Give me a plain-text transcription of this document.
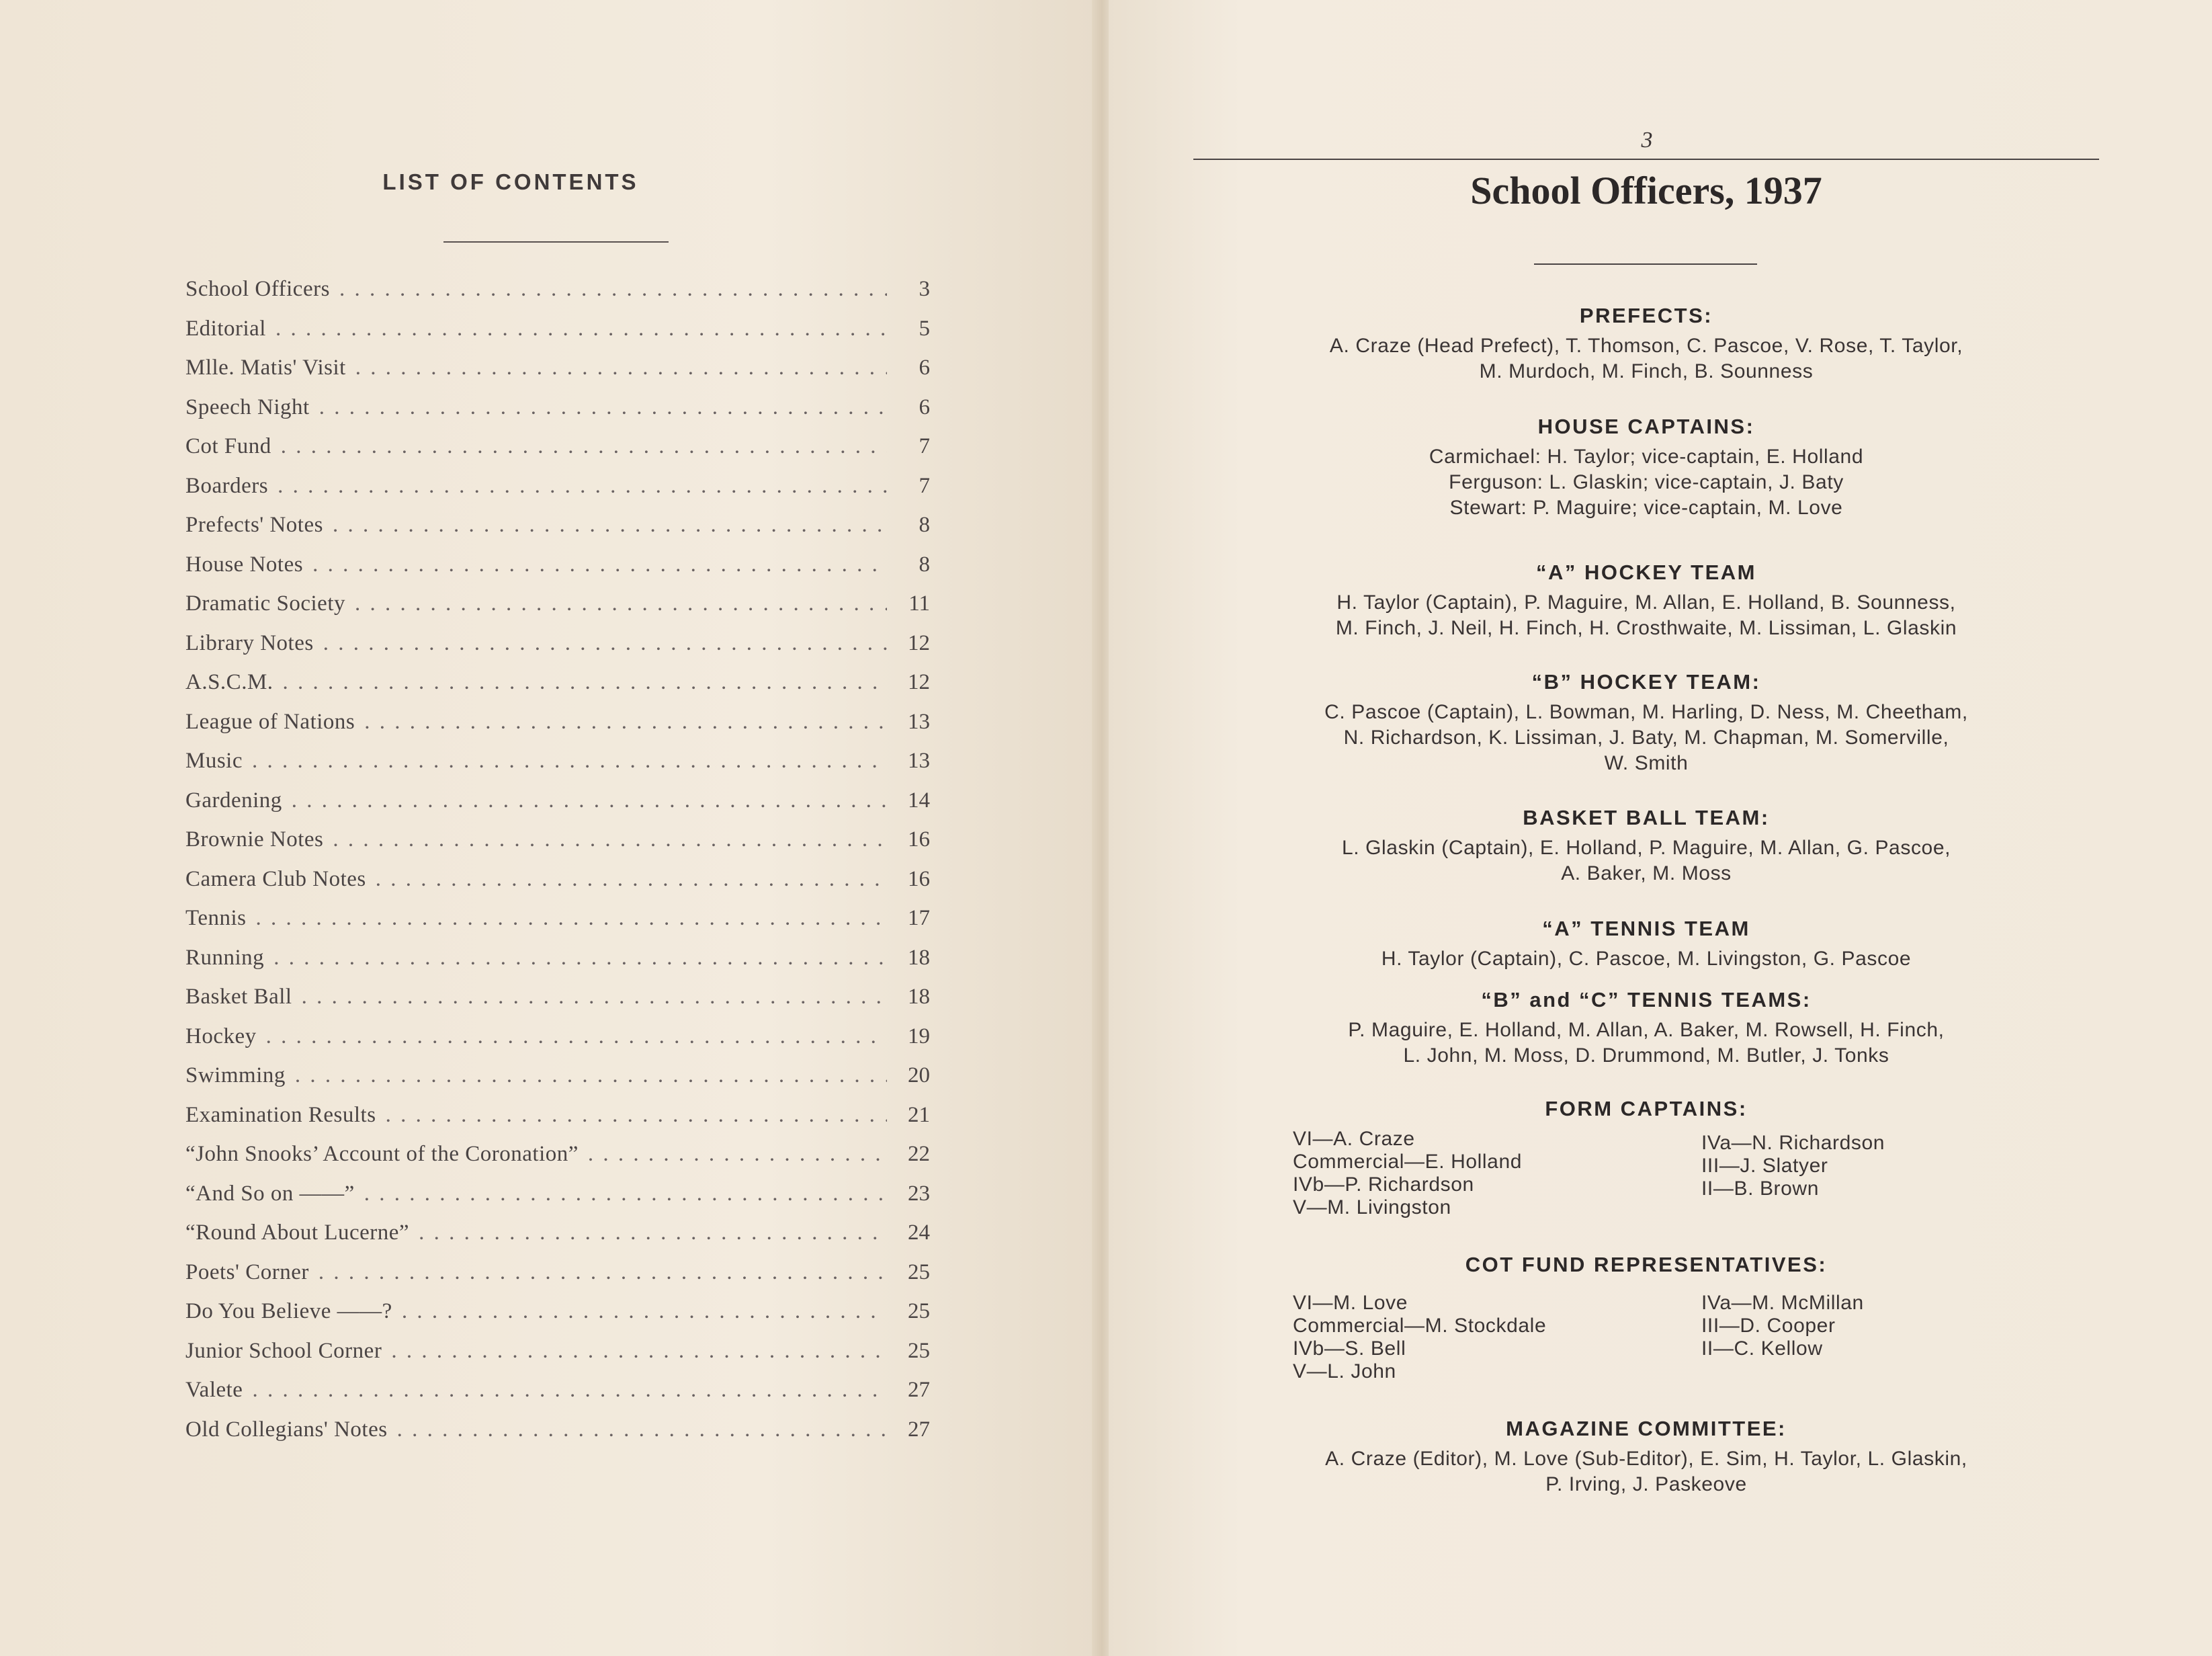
LIST OF CONTENTS
School Officers . . .	3
Editorial . . .	5
Mlle. Matis' Visit . . .	6
Speech Night . . .	6
Cot Fund . . .	7
Boarders . . .	7
Prefects' Notes . . .	8
House Notes . . .	8
Dramatic Society . . .	11
Library Notes . . .	12
A.S.C.M. . . .	12
League of Nations . . .	13
Music . . .	13
Gardening . . .	14
Brownie Notes . . .	16
Camera Club Notes . . .	16
Tennis . . .	17
Running . . .	18
Basket Ball . . .	18
Hockey . . .	19
Swimming . . .	20
Examination Results . . .	21
“John Snooks’ Account of the Coronation” . . .	22
“And So on ——” . . .	23
“Round About Lucerne” . . .	24
Poets' Corner . . .	25
Do You Believe ——? . . .	25
Junior School Corner . . .	25
Valete . . .	27
Old Collegians' Notes . . .	27
3
School Officers, 1937
PREFECTS:
A. Craze (Head Prefect), T. Thomson, C. Pascoe, V. Rose, T. Taylor,
M. Murdoch, M. Finch, B. Sounness
HOUSE CAPTAINS:
Carmichael: H. Taylor; vice-captain, E. Holland
Ferguson: L. Glaskin; vice-captain, J. Baty
Stewart: P. Maguire; vice-captain, M. Love
“A” HOCKEY TEAM
H. Taylor (Captain), P. Maguire, M. Allan, E. Holland, B. Sounness,
M. Finch, J. Neil, H. Finch, H. Crosthwaite, M. Lissiman, L. Glaskin
“B” HOCKEY TEAM:
C. Pascoe (Captain), L. Bowman, M. Harling, D. Ness, M. Cheetham,
N. Richardson, K. Lissiman, J. Baty, M. Chapman, M. Somerville,
W. Smith
BASKET BALL TEAM:
L. Glaskin (Captain), E. Holland, P. Maguire, M. Allan, G. Pascoe,
A. Baker, M. Moss
“A” TENNIS TEAM
H. Taylor (Captain), C. Pascoe, M. Livingston, G. Pascoe
“B” and “C” TENNIS TEAMS:
P. Maguire, E. Holland, M. Allan, A. Baker, M. Rowsell, H. Finch,
L. John, M. Moss, D. Drummond, M. Butler, J. Tonks
FORM CAPTAINS:
VI—A. Craze
Commercial—E. Holland
IVb—P. Richardson
V—M. Livingston
IVa—N. Richardson
III—J. Slatyer
II—B. Brown
COT FUND REPRESENTATIVES:
VI—M. Love
Commercial—M. Stockdale
IVb—S. Bell
V—L. John
IVa—M. McMillan
III—D. Cooper
II—C. Kellow
MAGAZINE COMMITTEE:
A. Craze (Editor), M. Love (Sub-Editor), E. Sim, H. Taylor, L. Glaskin,
P. Irving, J. Paskeove
